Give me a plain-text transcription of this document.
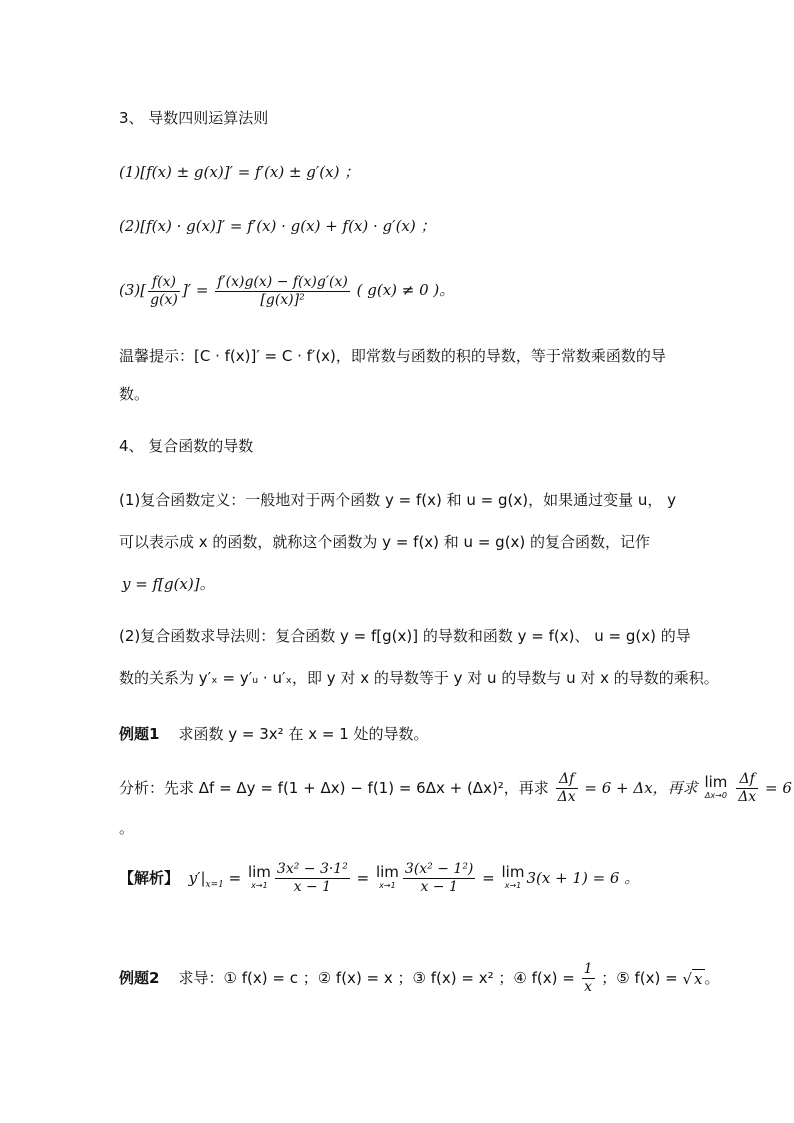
3、 导数四则运算法则
(1)[f(x) ± g(x)]′ = f′(x) ± g′(x) ；
(2)[f(x) · g(x)]′ = f′(x) · g(x) + f(x) · g′(x) ；
$(3)[ \frac{f(x)}{g(x)}$ ]′ = $\frac{f'(x)g(x) - f(x)g'(x)}{\text{[g(x)]²}}$ ( g(x) ≠ 0 )。
温馨提示：[C · f(x)]′ = C · f′(x)，即常数与函数的积的导数，等于常数乘函数的导
数。
4、 复合函数的导数
(1)复合函数定义：一般地对于两个函数 y = f(x) 和 u = g(x)，如果通过变量 u， y
可以表示成 x 的函数，就称这个函数为 y = f(x) 和 u = g(x) 的复合函数，记作
y = f[g(x)]。
(2)复合函数求导法则：复合函数 y = f[g(x)] 的导数和函数 y = f(x)、 u = g(x) 的导
数的关系为 y′ₓ = y′ᵤ · u′ₓ，即 y 对 x 的导数等于 y 对 u 的导数与 u 对 x 的导数的乘积。
例题1 求函数 y = 3x² 在 x = 1 处的导数。
分析：先求 Δf = Δy = f(1 + Δx) − f(1) = 6Δx + (Δx)²，再求 $\frac{\Delta f}{\Delta x} = 6 + \Delta x$，再求 lim
Δx→0
$\frac{\Delta f}{\Delta x} = 6$
。
【解析】 $y'|_{x=1} = \lim$
$x\to 1 \frac{\text{3x² − 3·1²}}{x - 1} = \lim$
$x\to 1 \frac{\text{3(x² − 1²)}}{x - 1} = \lim$
x→1 3(x + 1) = 6 。
例题2 求导：① f(x) = c ；② f(x) = x ；③ f(x) = x² ；④ $f(x) = \frac{1}{x}$ ；⑤ f(x) = √ x 。
